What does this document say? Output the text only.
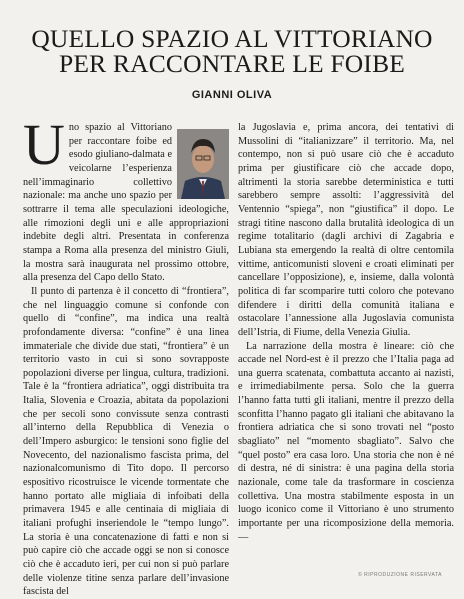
QUELLO SPAZIO AL VITTORIANO
PER RACCONTARE LE FOIBE
GIANNI OLIVA
U no spazio al Vittoriano per raccontare foibe ed esodo giuliano-dalmata e veicolarne l’esperienza nell’immaginario collettivo nazionale: ma anche uno spazio per sottrarre il tema alle speculazioni ideologiche, alle rimozioni degli uni e alle appropriazioni indebite degli altri. Presentata in conferenza stampa a Roma alla presenza del ministro Giuli, la mostra sarà inaugurata nel prossimo ottobre, alla presenza del Capo dello Stato.

Il punto di partenza è il concetto di “frontiera”, che nel linguaggio comune si confonde con quello di “confine”, ma indica una realtà profondamente diversa: “confine” è una linea immateriale che divide due stati, “frontiera” è un territorio vasto in cui si sono sovrapposte popolazioni diverse per lingua, cultura, tradizioni. Tale è la “frontiera adriatica”, oggi distribuita tra Italia, Slovenia e Croazia, abitata da popolazioni che per secoli sono convissute senza contrasti all’interno della Repubblica di Venezia o dell’Impero asburgico: le tensioni sono figlie del Novecento, del nazionalismo fascista prima, del nazionalcomunismo di Tito dopo. Il percorso espositivo ricostruisce le vicende tormentate che hanno portato alle migliaia di infoibati della primavera 1945 e alle centinaia di migliaia di italiani profughi inseriendole le “tempo lungo”. La storia è una concatenazione di fatti e non si può capire ciò che accade oggi se non si conosce ciò che è accaduto ieri, per cui non si può parlare delle violenze titine senza parlare dell’invasione fascista del

la Jugoslavia e, prima ancora, dei tentativi di Mussolini di “italianizzare” il territorio. Ma, nel contempo, non si può usare ciò che è accaduto prima per giustificare ciò che accade dopo, altrimenti la storia sarebbe deterministica e tutti sarebbero sempre assolti: l’aggressività del Ventennio “spiega”, non “giustifica” il dopo. Le stragi titine nascono dalla brutalità ideologica di un regime totalitario (dagli archivi di Zagabria e Lubiana sta emergendo la realtà di oltre centomila vittime, anticomunisti sloveni e croati eliminati per cancellare l’opposizione), e, insieme, dalla volontà politica di far scomparire tutti coloro che potevano difendere i diritti della comunità italiana e ostacolare l’annessione alla Jugoslavia comunista dell’Istria, di Fiume, della Venezia Giulia.

La narrazione della mostra è lineare: ciò che accade nel Nord-est è il prezzo che l’Italia paga ad una guerra scatenata, combattuta accanto ai nazisti, e irrimediabilmente persa. Solo che la guerra l’hanno fatta tutti gli italiani, mentre il prezzo della sconfitta l’hanno pagato gli italiani che abitavano la frontiera adriatica che si sono trovati nel “posto sbagliato” nel “momento sbagliato”. Salvo che “quel posto” era casa loro. Una storia che non è né di destra, né di sinistra: è una pagina della storia nazionale, come tale da trasformare in coscienza collettiva. Una mostra stabilmente esposta in un luogo iconico come il Vittoriano è uno strumento importante per una ricomposizione della memoria. —

© RIPRODUZIONE RISERVATA
